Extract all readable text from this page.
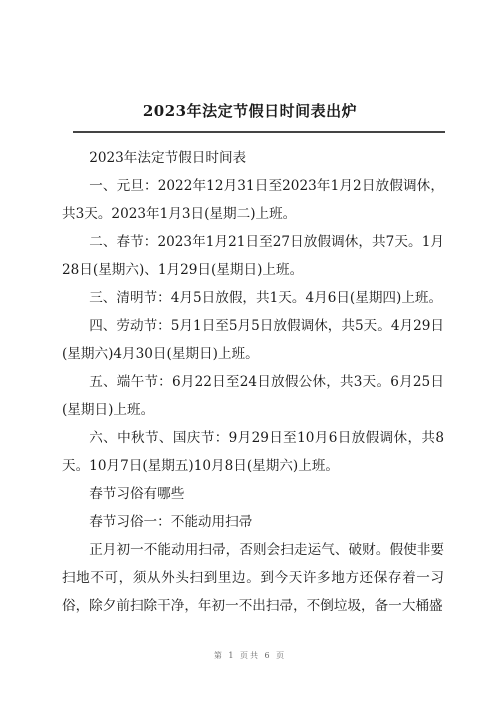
2023年法定节假日时间表出炉

2023年法定节假日时间表

一、元旦：2022年12月31日至2023年1月2日放假调休，共3天。2023年1月3日(星期二)上班。

二、春节：2023年1月21日至27日放假调休，共7天。1月28日(星期六)、1月29日(星期日)上班。

三、清明节：4月5日放假，共1天。4月6日(星期四)上班。

四、劳动节：5月1日至5月5日放假调休，共5天。4月29日(星期六)4月30日(星期日)上班。

五、端午节：6月22日至24日放假公休，共3天。6月25日(星期日)上班。

六、中秋节、国庆节：9月29日至10月6日放假调休，共8天。10月7日(星期五)10月8日(星期六)上班。

春节习俗有哪些

春节习俗一：不能动用扫帚

正月初一不能动用扫帚，否则会扫走运气、破财。假使非要扫地不可，须从外头扫到里边。到今天许多地方还保存着一习俗，除夕前扫除干净，年初一不出扫帚，不倒垃圾，备一大桶盛

第 1 页共 6 页
